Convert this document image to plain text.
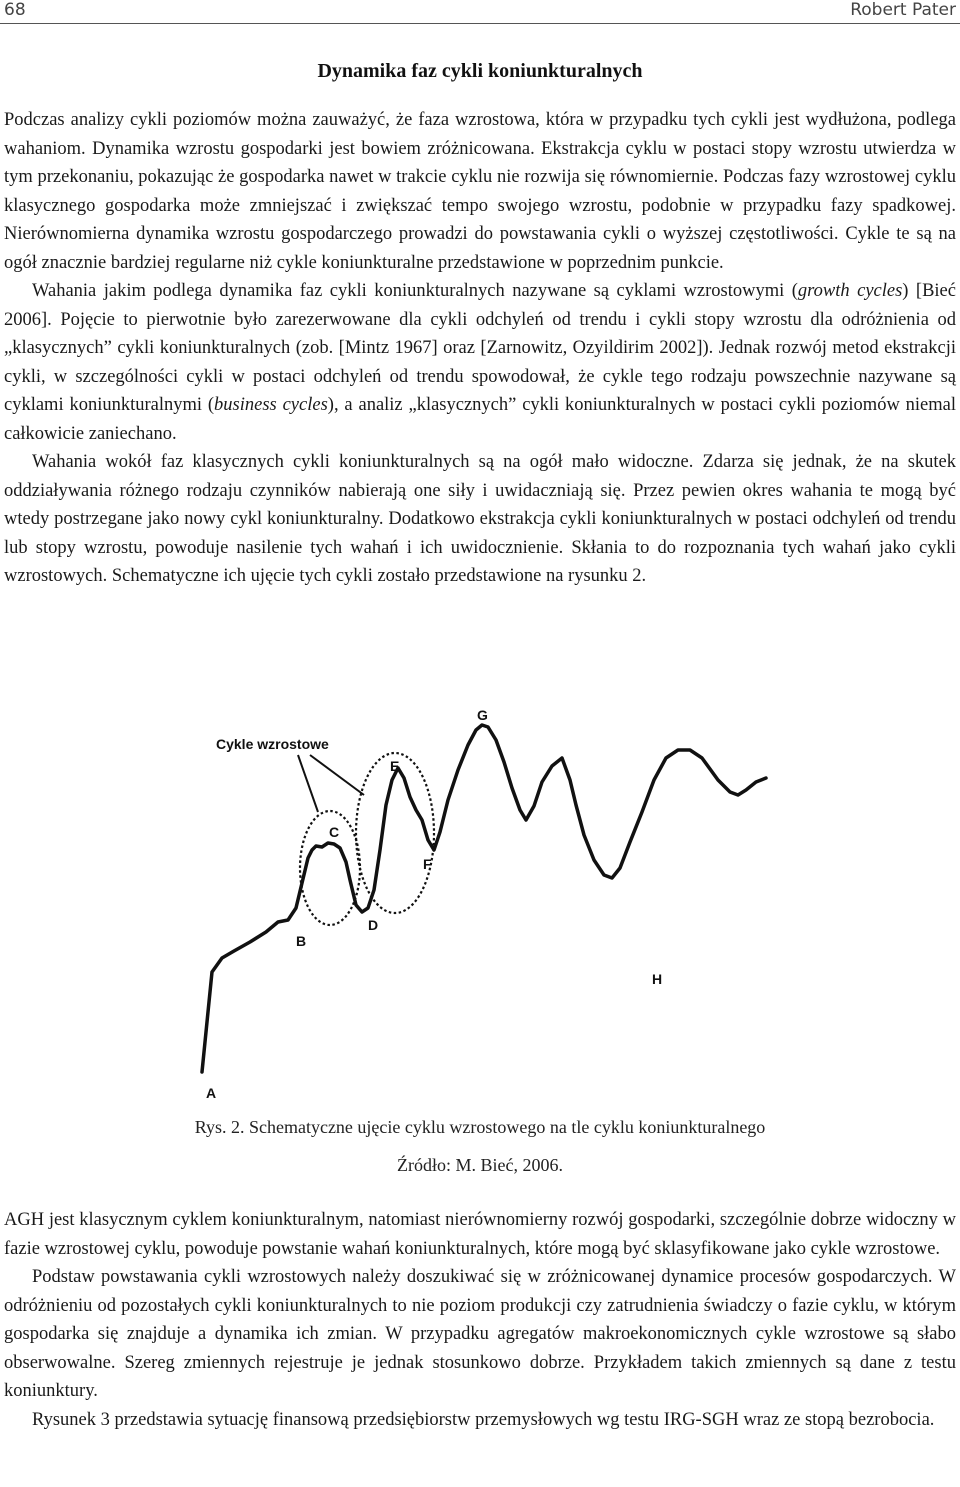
68	Robert Pater
Dynamika faz cykli koniunkturalnych

Podczas analizy cykli poziomów można zauważyć, że faza wzrostowa, która w przypadku tych cykli jest wydłużona, podlega wahaniom. Dynamika wzrostu gospodarki jest bowiem zróżnicowana. Ekstrakcja cyklu w postaci stopy wzrostu utwierdza w tym przekonaniu, pokazując że gospodarka nawet w trakcie cyklu nie rozwija się równomiernie. Podczas fazy wzrostowej cyklu klasycznego gospodarka może zmniejszać i zwiększać tempo swojego wzrostu, podobnie w przypadku fazy spadkowej. Nierównomierna dynamika wzrostu gospodarczego prowadzi do powstawania cykli o wyższej częstotliwości. Cykle te są na ogół znacznie bardziej regularne niż cykle koniunkturalne przedstawione w poprzednim punkcie.

Wahania jakim podlega dynamika faz cykli koniunkturalnych nazywane są cyklami wzrostowymi (growth cycles) [Bieć 2006]. Pojęcie to pierwotnie było zarezerwowane dla cykli odchyleń od trendu i cykli stopy wzrostu dla odróżnienia od „klasycznych” cykli koniunkturalnych (zob. [Mintz 1967] oraz [Zarnowitz, Ozyildirim 2002]). Jednak rozwój metod ekstrakcji cykli, w szczególności cykli w postaci odchyleń od trendu spowodował, że cykle tego rodzaju powszechnie nazywane są cyklami koniunkturalnymi (business cycles), a analiz „klasycznych” cykli koniunkturalnych w postaci cykli poziomów niemal całkowicie zaniechano.

Wahania wokół faz klasycznych cykli koniunkturalnych są na ogół mało widoczne. Zdarza się jednak, że na skutek oddziaływania różnego rodzaju czynników nabierają one siły i uwidaczniają się. Przez pewien okres wahania te mogą być wtedy postrzegane jako nowy cykl koniunkturalny. Dodatkowo ekstrakcja cykli koniunkturalnych w postaci odchyleń od trendu lub stopy wzrostu, powoduje nasilenie tych wahań i ich uwidocznienie. Skłania to do rozpoznania tych wahań jako cykli wzrostowych. Schematyczne ich ujęcie tych cykli zostało przedstawione na rysunku 2.

Cykle wzrostowe
A
B
C
D
E
F
G
H
Rys. 2. Schematyczne ujęcie cyklu wzrostowego na tle cyklu koniunkturalnego
Źródło: M. Bieć, 2006.

AGH jest klasycznym cyklem koniunkturalnym, natomiast nierównomierny rozwój gospodarki, szczególnie dobrze widoczny w fazie wzrostowej cyklu, powoduje powstanie wahań koniunkturalnych, które mogą być sklasyfikowane jako cykle wzrostowe.

Podstaw powstawania cykli wzrostowych należy doszukiwać się w zróżnicowanej dynamice procesów gospodarczych. W odróżnieniu od pozostałych cykli koniunkturalnych to nie poziom produkcji czy zatrudnienia świadczy o fazie cyklu, w którym gospodarka się znajduje a dynamika ich zmian. W przypadku agregatów makroekonomicznych cykle wzrostowe są słabo obserwowalne. Szereg zmiennych rejestruje je jednak stosunkowo dobrze. Przykładem takich zmiennych są dane z testu koniunktury.

Rysunek 3 przedstawia sytuację finansową przedsiębiorstw przemysłowych wg testu IRG-SGH wraz ze stopą bezrobocia.
